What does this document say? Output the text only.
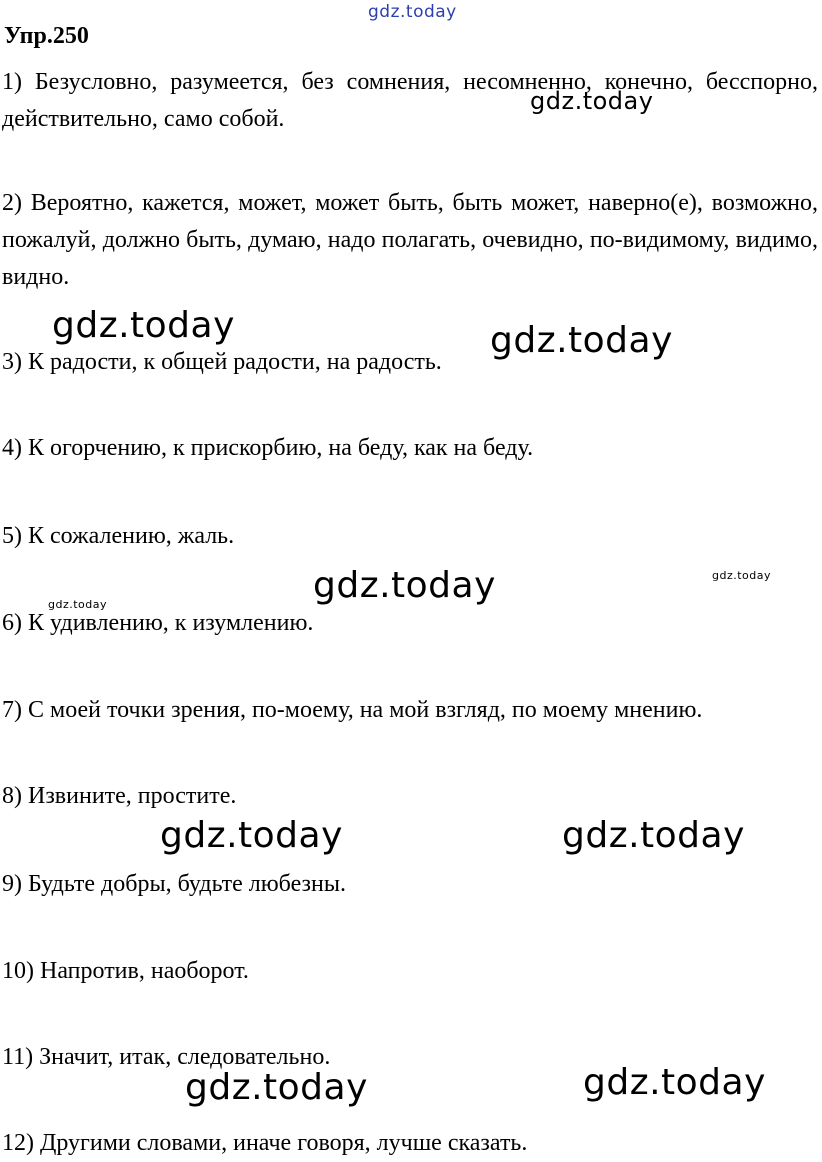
Упр.250
1) Безусловно, разумеется, без сомнения, несомненно, конечно, бесспорно, действительно, само собой.
2) Вероятно, кажется, может, может быть, быть может, наверно(е), возможно, пожалуй, должно быть, думаю, надо полагать, очевидно, по-видимому, видимо, видно.
3) К радости, к общей радости, на радость.
4) К огорчению, к прискорбию, на беду, как на беду.
5) К сожалению, жаль.
6) К удивлению, к изумлению.
7) С моей точки зрения, по-моему, на мой взгляд, по моему мнению.
8) Извините, простите.
9) Будьте добры, будьте любезны.
10) Напротив, наоборот.
11) Значит, итак, следовательно.
12) Другими словами, иначе говоря, лучше сказать.
gdz.today
gdz.today
gdz.today	gdz.today
gdz.today	gdz.today
gdz.today
gdz.today	gdz.today
gdz.today	gdz.today
